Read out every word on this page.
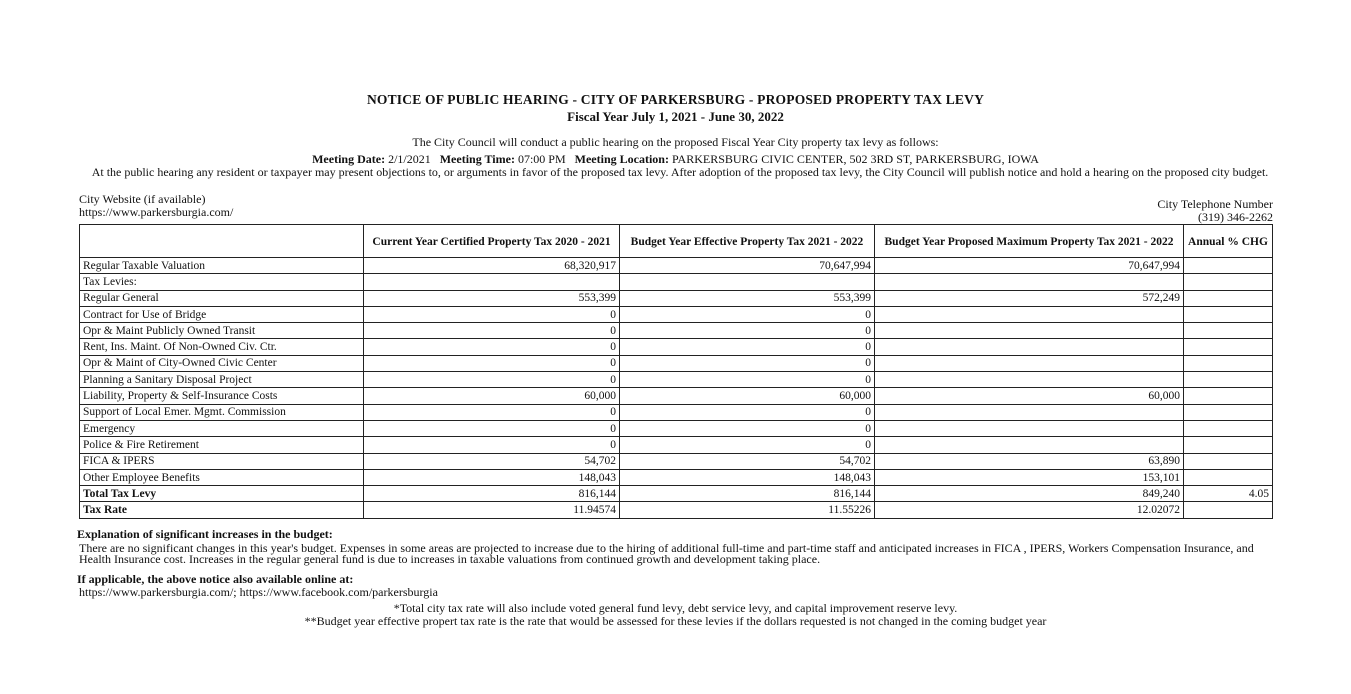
NOTICE OF PUBLIC HEARING - CITY OF PARKERSBURG - PROPOSED PROPERTY TAX LEVY
Fiscal Year July 1, 2021 - June 30, 2022
The City Council will conduct a public hearing on the proposed Fiscal Year City property tax levy as follows:
Meeting Date: 2/1/2021 Meeting Time: 07:00 PM Meeting Location: PARKERSBURG CIVIC CENTER, 502 3RD ST, PARKERSBURG, IOWA
At the public hearing any resident or taxpayer may present objections to, or arguments in favor of the proposed tax levy. After adoption of the proposed tax levy, the City Council will publish notice and hold a hearing on the proposed city budget.
City Website (if available)
https://www.parkersburgia.com/
City Telephone Number
(319) 346-2262
	Current Year Certified Property Tax 2020 - 2021	Budget Year Effective Property Tax 2021 - 2022	Budget Year Proposed Maximum Property Tax 2021 - 2022	Annual % CHG
Regular Taxable Valuation	68,320,917	70,647,994	70,647,994	
Tax Levies:				
Regular General	553,399	553,399	572,249	
Contract for Use of Bridge	0	0		
Opr & Maint Publicly Owned Transit	0	0		
Rent, Ins. Maint. Of Non-Owned Civ. Ctr.	0	0		
Opr & Maint of City-Owned Civic Center	0	0		
Planning a Sanitary Disposal Project	0	0		
Liability, Property & Self-Insurance Costs	60,000	60,000	60,000	
Support of Local Emer. Mgmt. Commission	0	0		
Emergency	0	0		
Police & Fire Retirement	0	0		
FICA & IPERS	54,702	54,702	63,890	
Other Employee Benefits	148,043	148,043	153,101	
Total Tax Levy	816,144	816,144	849,240	4.05
Tax Rate	11.94574	11.55226	12.02072	
Explanation of significant increases in the budget:
There are no significant changes in this year's budget. Expenses in some areas are projected to increase due to the hiring of additional full-time and part-time staff and anticipated increases in FICA , IPERS, Workers Compensation Insurance, and Health Insurance cost. Increases in the regular general fund is due to increases in taxable valuations from continued growth and development taking place.
If applicable, the above notice also available online at:
https://www.parkersburgia.com/; https://www.facebook.com/parkersburgia
*Total city tax rate will also include voted general fund levy, debt service levy, and capital improvement reserve levy.
**Budget year effective propert tax rate is the rate that would be assessed for these levies if the dollars requested is not changed in the coming budget year
